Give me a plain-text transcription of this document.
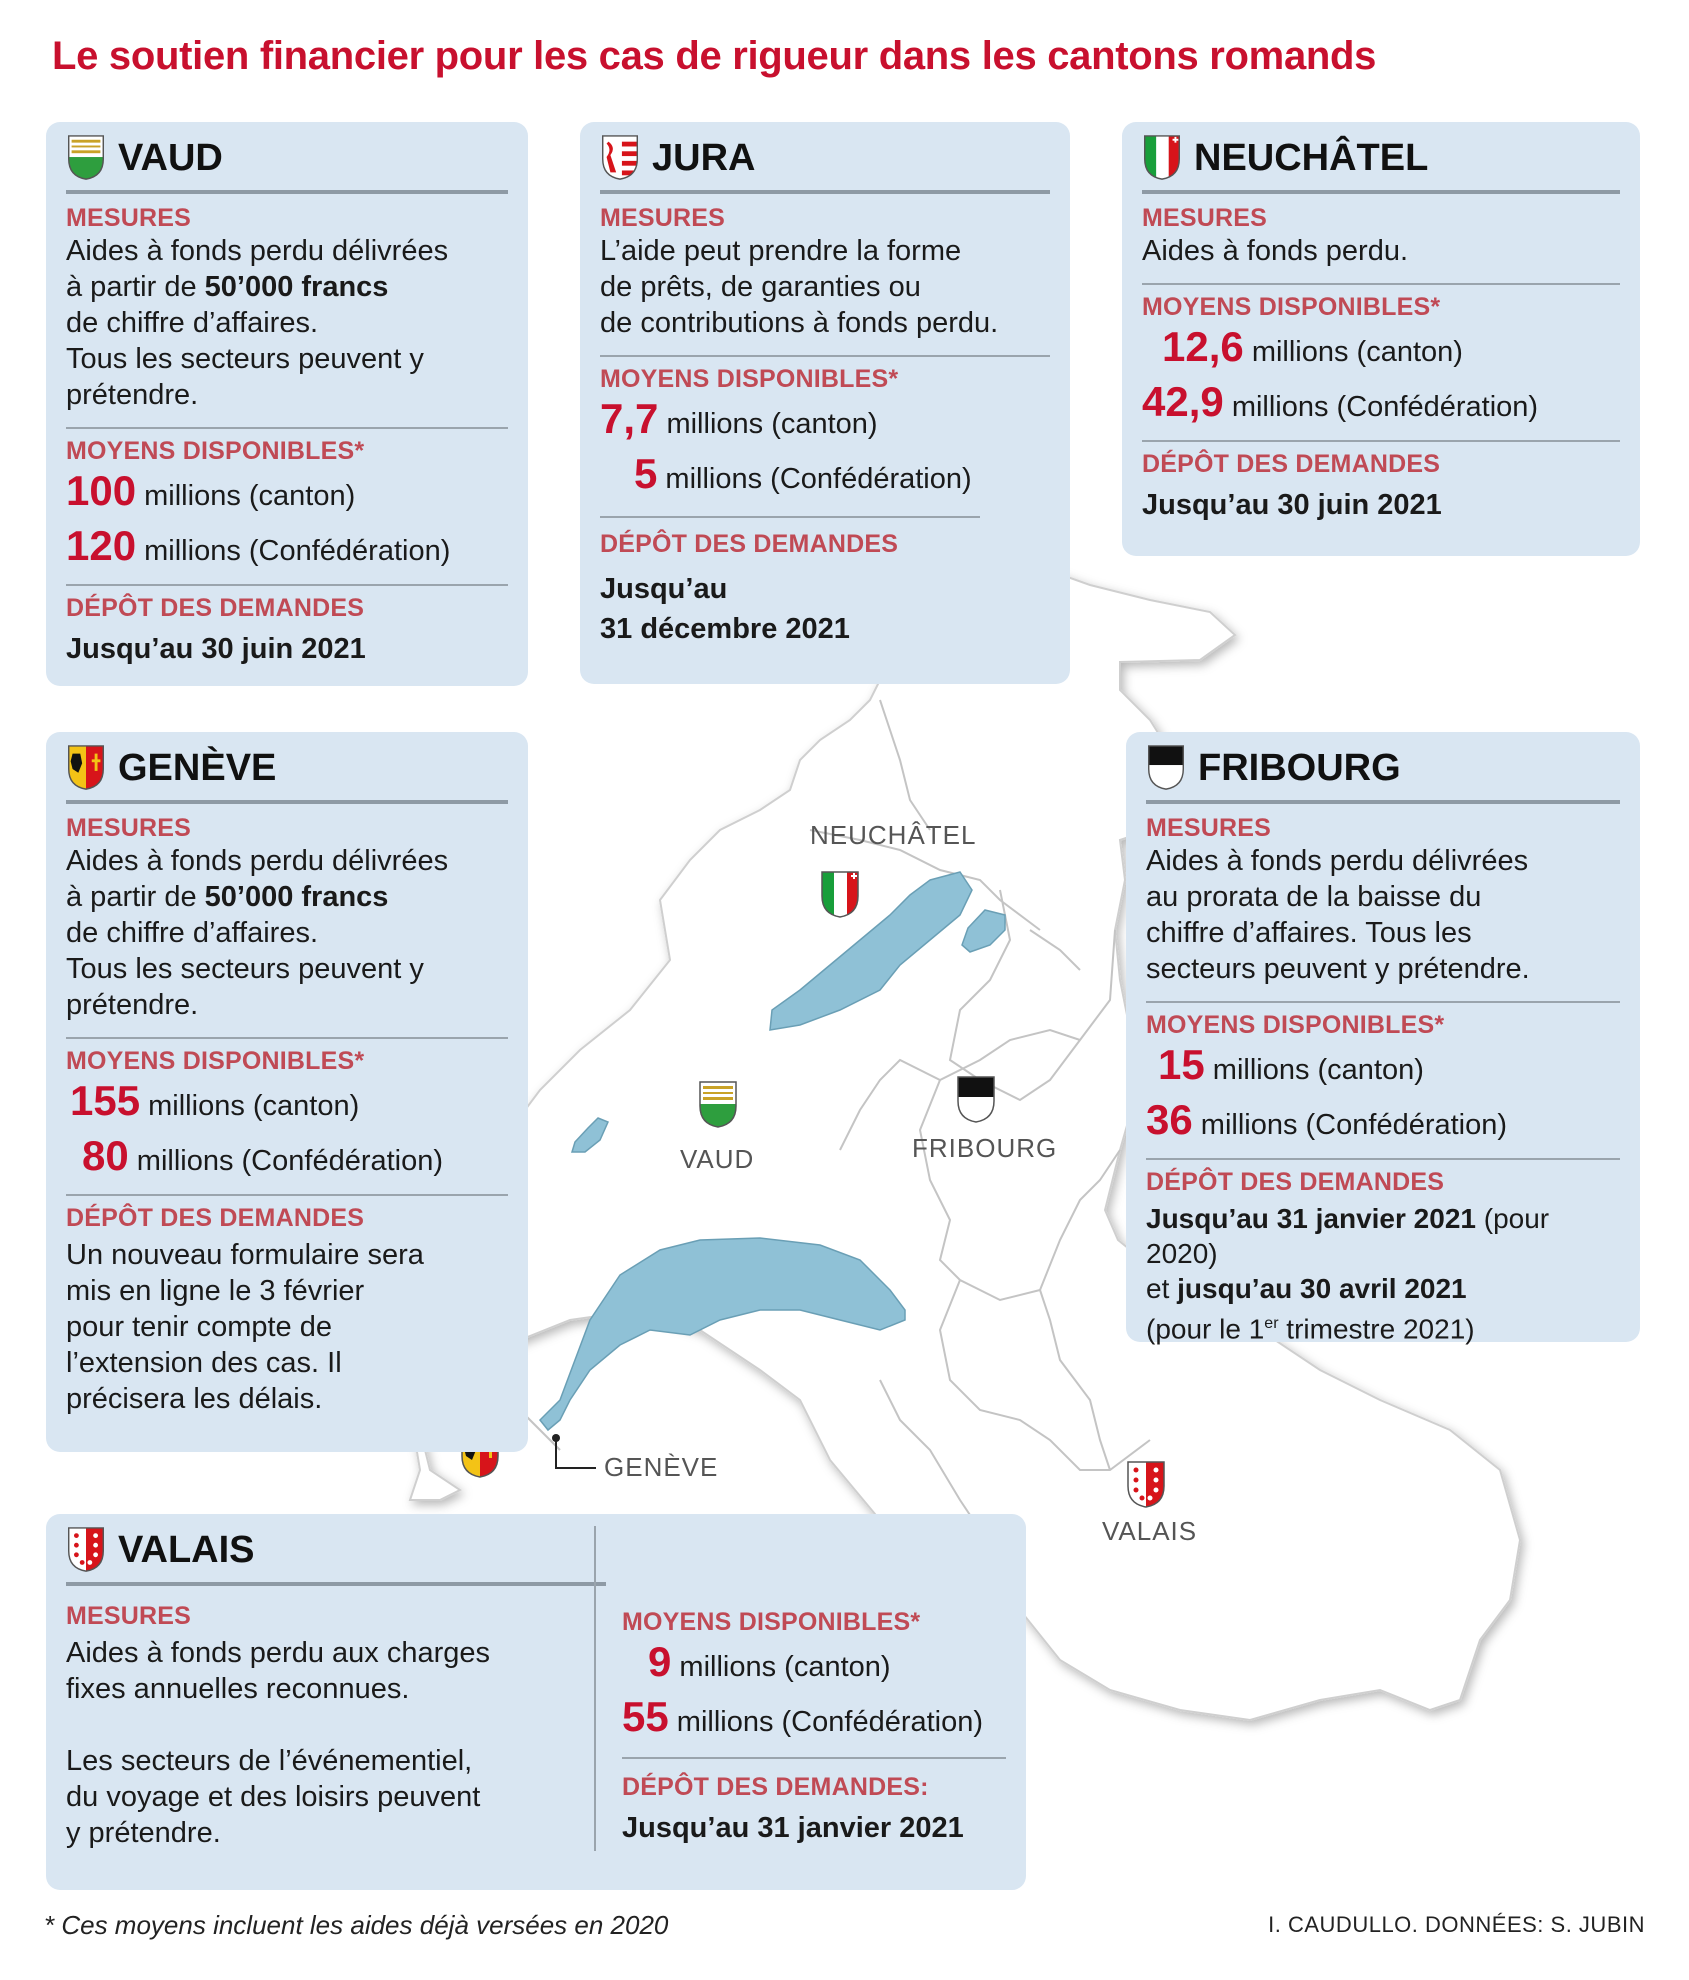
NEUCHÂTEL
VAUD	FRIBOURG
GENÈVE
VALAIS
Le soutien financier pour les cas de rigueur dans les cantons romands
VAUD
MESURES
Aides à fonds perdu délivrées
à partir de 50’000 francs
de chiffre d’affaires.
Tous les secteurs peuvent y
prétendre.
MOYENS DISPONIBLES*
100 millions (canton)
120 millions (Confédération)
DÉPÔT DES DEMANDES
Jusqu’au 30 juin 2021
JURA
MESURES
L’aide peut prendre la forme
de prêts, de garanties ou
de contributions à fonds perdu.
MOYENS DISPONIBLES*
7,7 millions (canton)
5 millions (Confédération)
DÉPÔT DES DEMANDES
Jusqu’au
31 décembre 2021
NEUCHÂTEL
MESURES
Aides à fonds perdu.
MOYENS DISPONIBLES*
12,6 millions (canton)
42,9 millions (Confédération)
DÉPÔT DES DEMANDES
Jusqu’au 30 juin 2021
GENÈVE
MESURES
Aides à fonds perdu délivrées
à partir de 50’000 francs
de chiffre d’affaires.
Tous les secteurs peuvent y
prétendre.
MOYENS DISPONIBLES*
155 millions (canton)
80 millions (Confédération)
DÉPÔT DES DEMANDES
Un nouveau formulaire sera
mis en ligne le 3 février
pour tenir compte de
l’extension des cas. Il
précisera les délais.
FRIBOURG
MESURES
Aides à fonds perdu délivrées
au prorata de la baisse du
chiffre d’affaires. Tous les
secteurs peuvent y prétendre.
MOYENS DISPONIBLES*
15 millions (canton)
36 millions (Confédération)
DÉPÔT DES DEMANDES
Jusqu’au 31 janvier 2021 (pour 2020)
et jusqu’au 30 avril 2021
(pour le 1er trimestre 2021)
VALAIS
MESURES
Aides à fonds perdu aux charges
fixes annuelles reconnues.
Les secteurs de l’événementiel,
du voyage et des loisirs peuvent
y prétendre.
MOYENS DISPONIBLES*
9 millions (canton)
55 millions (Confédération)
DÉPÔT DES DEMANDES:
Jusqu’au 31 janvier 2021
* Ces moyens incluent les aides déjà versées en 2020	I. CAUDULLO. DONNÉES: S. JUBIN
